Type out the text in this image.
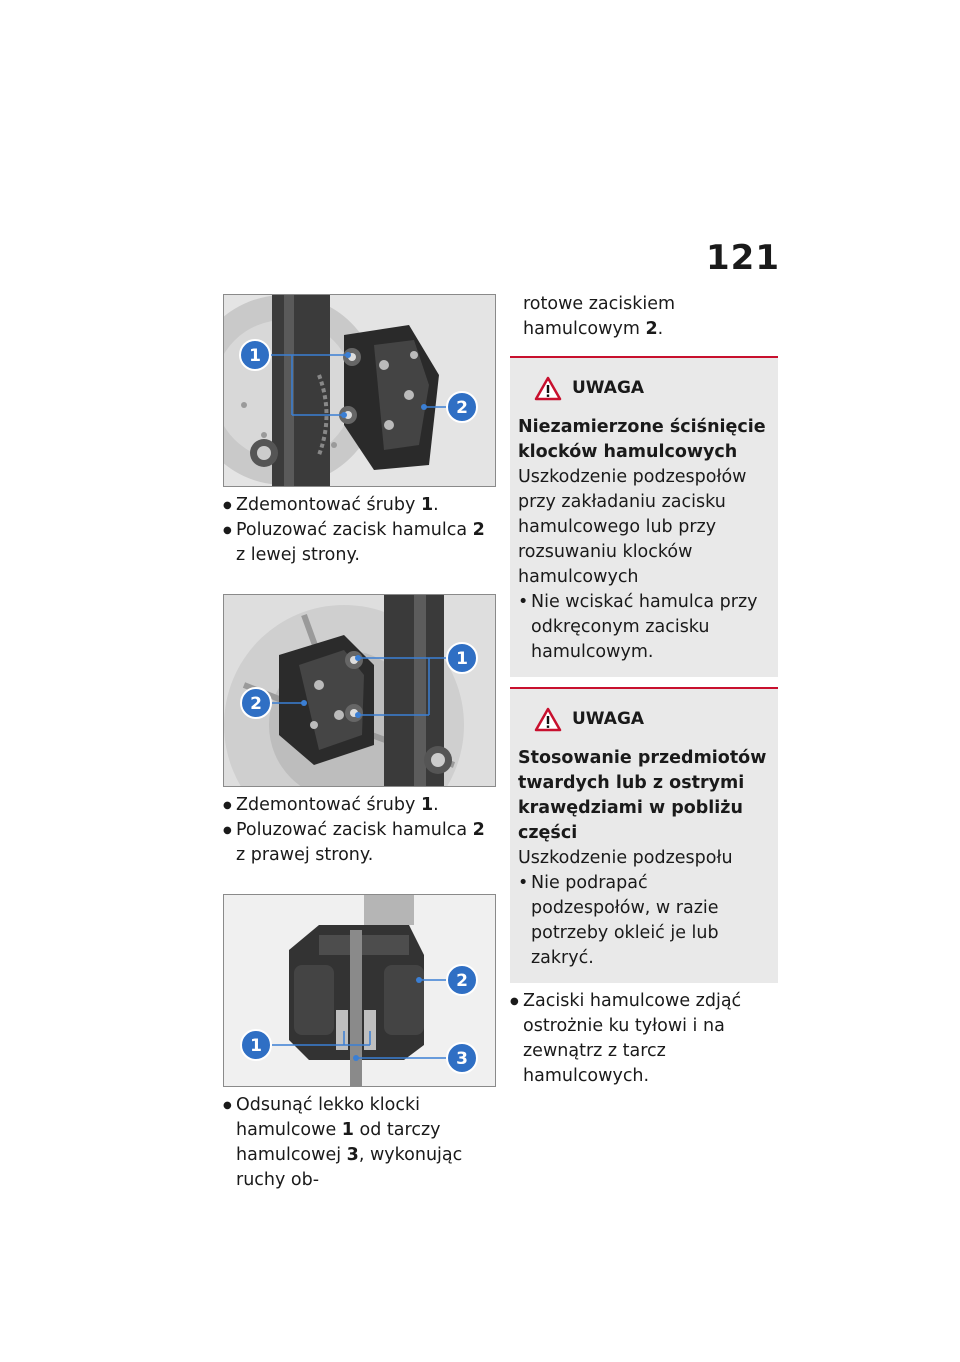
121
1
2
● Zdemontować śruby 1.
● Poluzować zacisk hamulca 2 z lewej strony.
1
2
● Zdemontować śruby 1.
● Poluzować zacisk hamulca 2 z prawej strony.
1
2
3
● Odsunąć lekko klocki hamulcowe 1 od tarczy hamulcowej 3, wykonując ruchy ob-
rotowe zaciskiem hamulcowym 2.
UWAGA
Niezamierzone ściśnięcie klocków hamulcowych
Uszkodzenie podzespołów przy zakładaniu zacisku hamulcowego lub przy rozsuwaniu klocków hamulcowych
• Nie wciskać hamulca przy odkręconym zacisku hamulcowym.
UWAGA
Stosowanie przedmiotów twardych lub z ostrymi krawędziami w pobliżu części
Uszkodzenie podzespołu
• Nie podrapać podzespołów, w razie potrzeby okleić je lub zakryć.
● Zaciski hamulcowe zdjąć ostrożnie ku tyłowi i na zewnątrz z tarcz hamulcowych.
